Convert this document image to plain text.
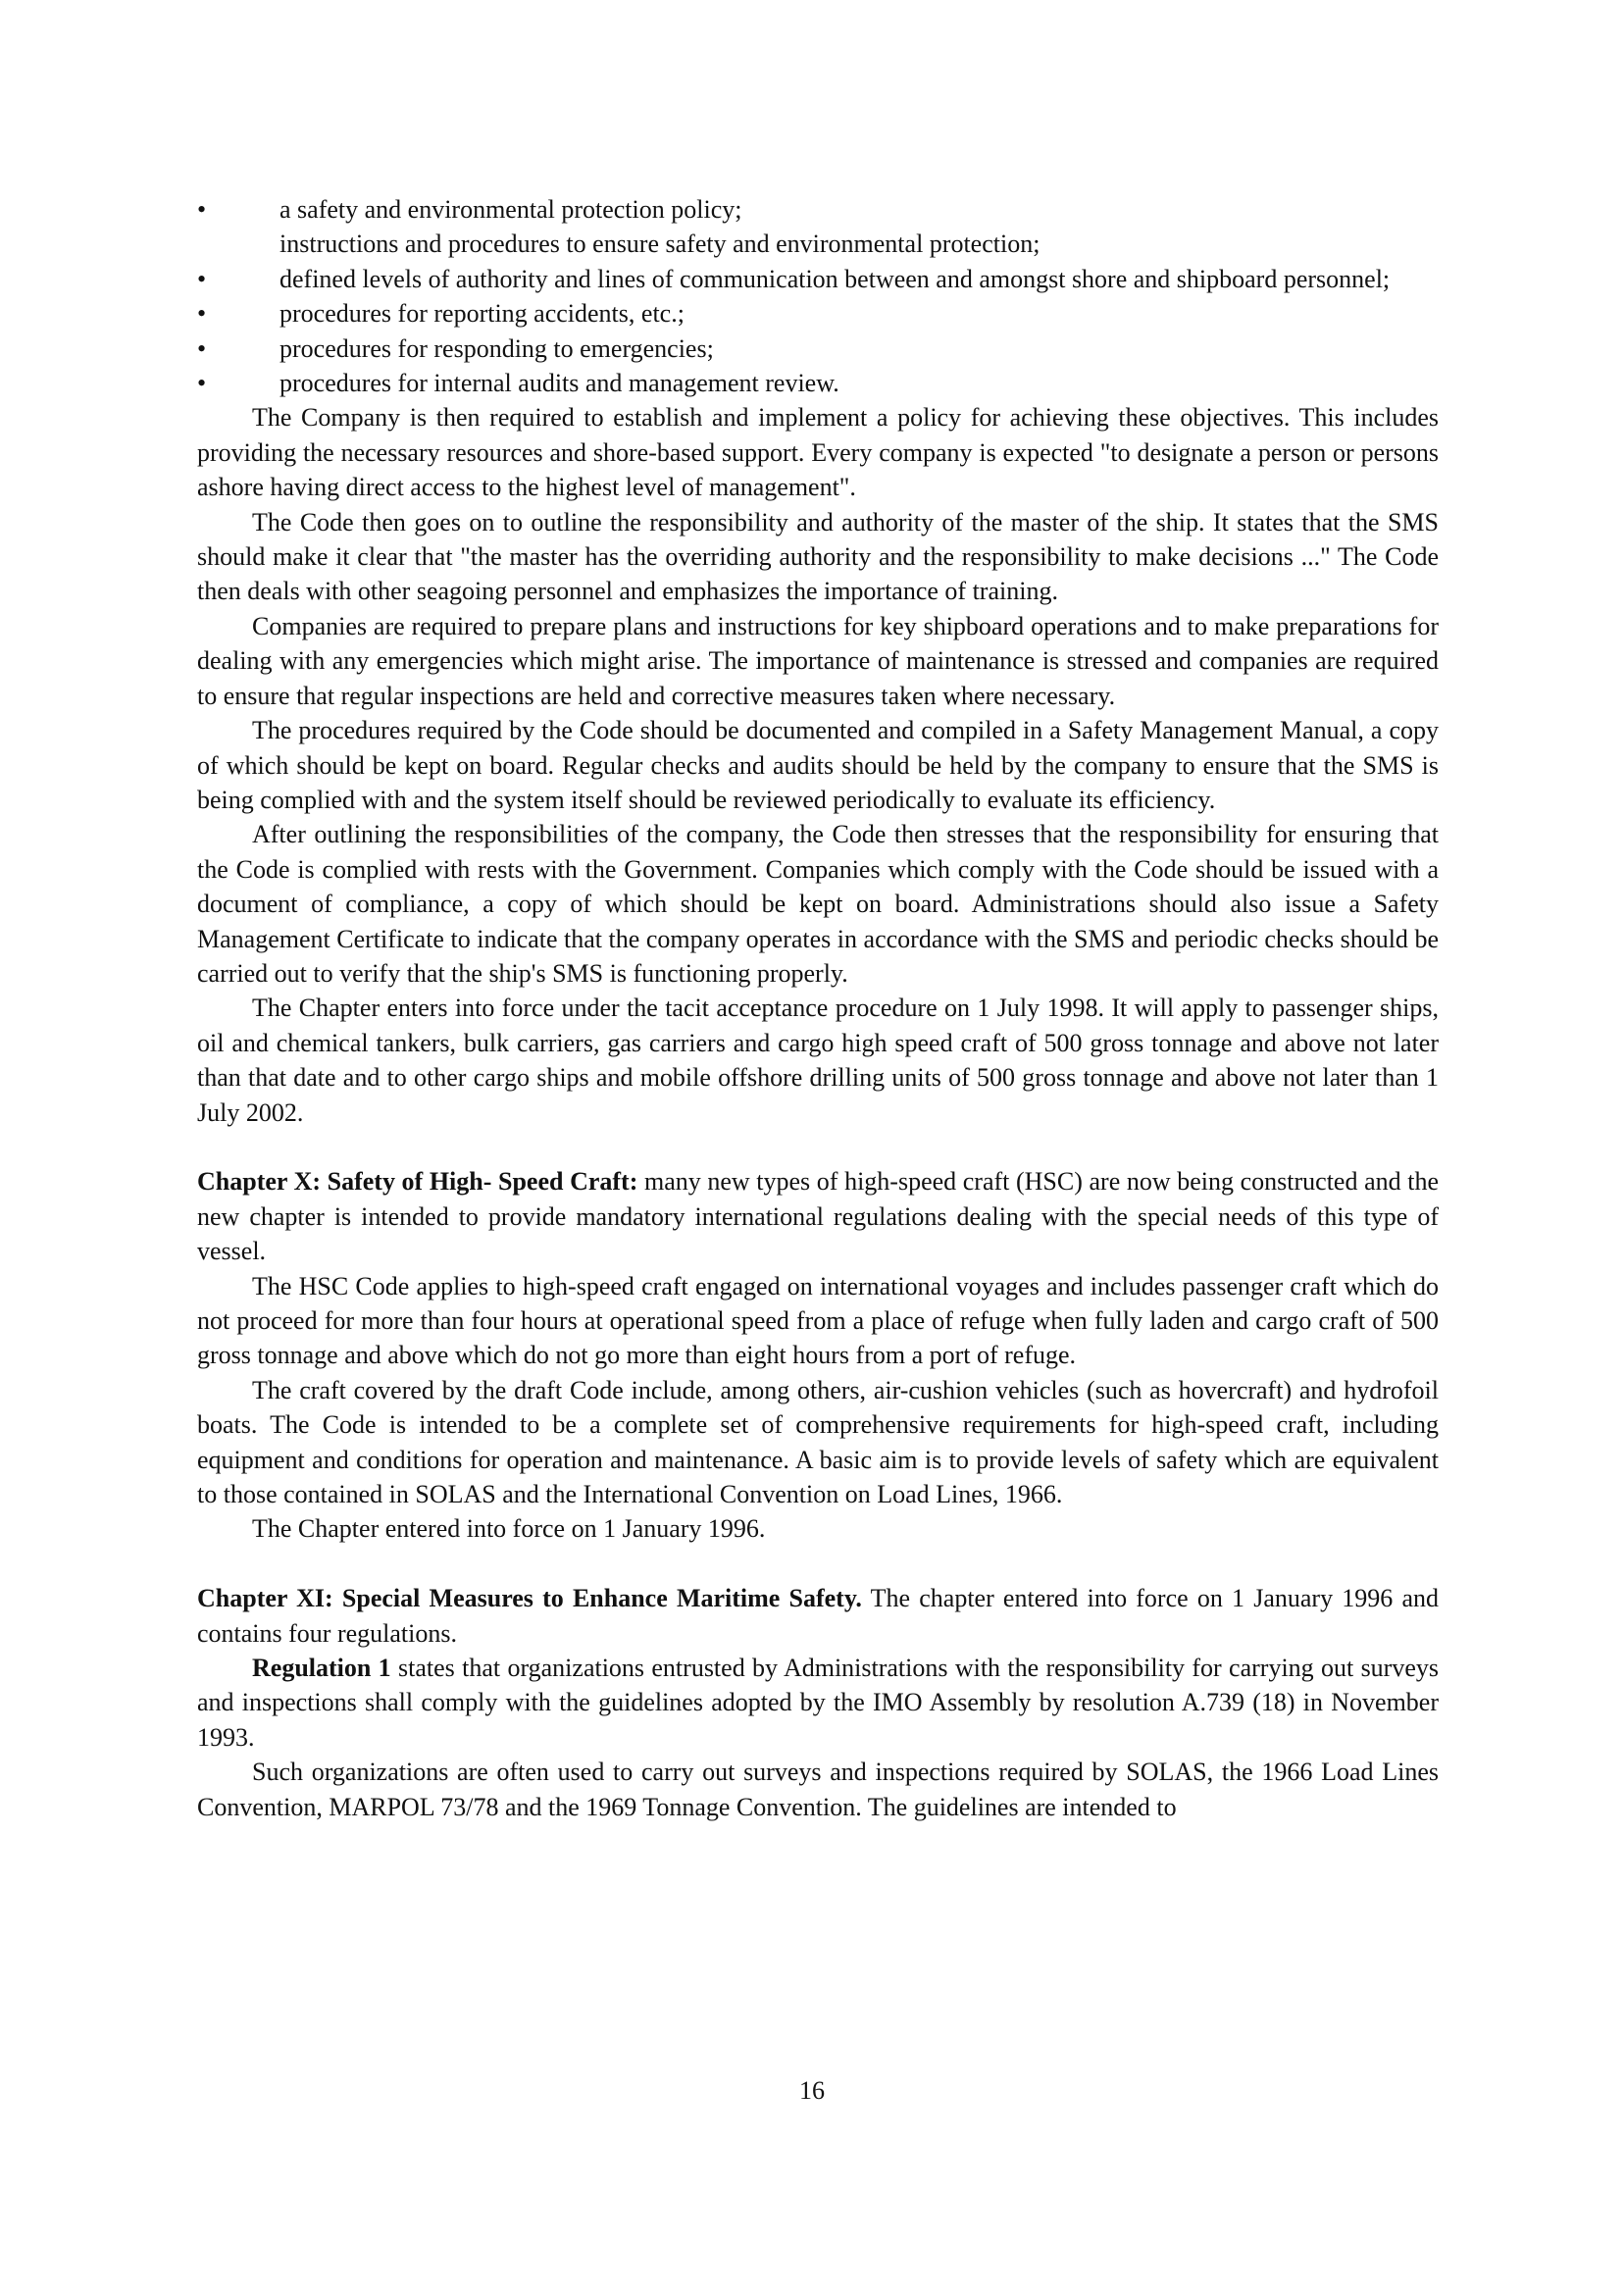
•	a safety and environmental protection policy;
instructions and procedures to ensure safety and environmental protection;
•	defined levels of authority and lines of communication between and amongst shore and shipboard personnel;
•	procedures for reporting accidents, etc.;
•	procedures for responding to emergencies;
•	procedures for internal audits and management review.

The Company is then required to establish and implement a policy for achieving these objectives. This includes providing the necessary resources and shore-based support. Every company is expected "to designate a person or persons ashore having direct access to the highest level of management".

The Code then goes on to outline the responsibility and authority of the master of the ship. It states that the SMS should make it clear that "the master has the overriding authority and the responsibility to make decisions ..." The Code then deals with other seagoing personnel and emphasizes the importance of training.

Companies are required to prepare plans and instructions for key shipboard operations and to make preparations for dealing with any emergencies which might arise. The importance of maintenance is stressed and companies are required to ensure that regular inspections are held and corrective measures taken where necessary.

The procedures required by the Code should be documented and compiled in a Safety Management Manual, a copy of which should be kept on board. Regular checks and audits should be held by the company to ensure that the SMS is being complied with and the system itself should be reviewed periodically to evaluate its efficiency.

After outlining the responsibilities of the company, the Code then stresses that the responsibility for ensuring that the Code is complied with rests with the Government. Companies which comply with the Code should be issued with a document of compliance, a copy of which should be kept on board. Administrations should also issue a Safety Management Certificate to indicate that the company operates in accordance with the SMS and periodic checks should be carried out to verify that the ship's SMS is functioning properly.

The Chapter enters into force under the tacit acceptance procedure on 1 July 1998. It will apply to passenger ships, oil and chemical tankers, bulk carriers, gas carriers and cargo high speed craft of 500 gross tonnage and above not later than that date and to other cargo ships and mobile offshore drilling units of 500 gross tonnage and above not later than 1 July 2002.

Chapter X: Safety of High- Speed Craft: many new types of high-speed craft (HSC) are now being constructed and the new chapter is intended to provide mandatory international regulations dealing with the special needs of this type of vessel.

The HSC Code applies to high-speed craft engaged on international voyages and includes passenger craft which do not proceed for more than four hours at operational speed from a place of refuge when fully laden and cargo craft of 500 gross tonnage and above which do not go more than eight hours from a port of refuge.

The craft covered by the draft Code include, among others, air-cushion vehicles (such as hovercraft) and hydrofoil boats. The Code is intended to be a complete set of comprehensive requirements for high-speed craft, including equipment and conditions for operation and maintenance. A basic aim is to provide levels of safety which are equivalent to those contained in SOLAS and the International Convention on Load Lines, 1966.

The Chapter entered into force on 1 January 1996.

Chapter XI: Special Measures to Enhance Maritime Safety. The chapter entered into force on 1 January 1996 and contains four regulations.

Regulation 1 states that organizations entrusted by Administrations with the responsibility for carrying out surveys and inspections shall comply with the guidelines adopted by the IMO Assembly by resolution A.739 (18) in November 1993.

Such organizations are often used to carry out surveys and inspections required by SOLAS, the 1966 Load Lines Convention, MARPOL 73/78 and the 1969 Tonnage Convention. The guidelines are intended to

16
